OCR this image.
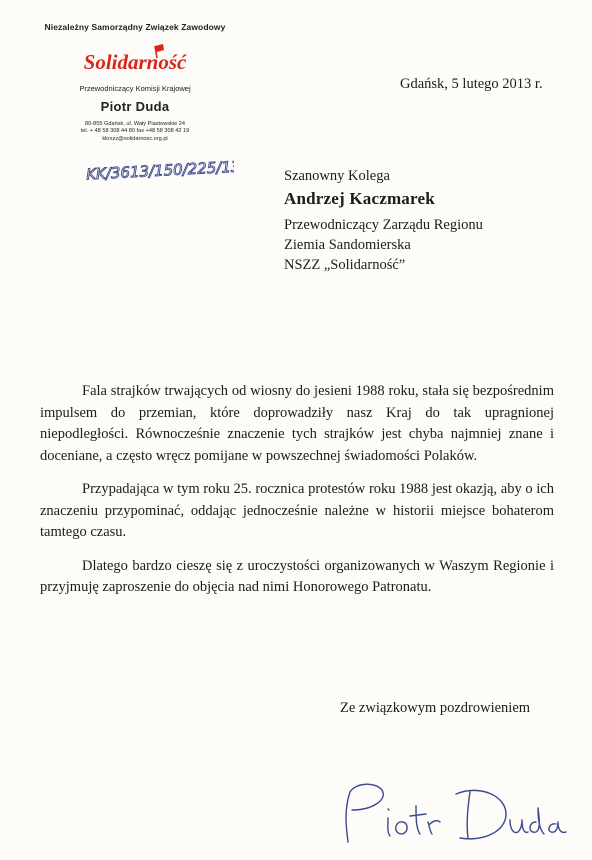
Niezależny Samorządny Związek Zawodowy
Solidarność
Przewodniczący Komisji Krajowej
Piotr Duda
80-855 Gdańsk, ul. Wały Piastowskie 24
tel. + 48 58 308 44 80 fax +48 58 308 42 19
kkrszz@solidarnosc.org.pl
KK/3613/150/225/13
Gdańsk, 5 lutego 2013 r.
Szanowny Kolega
Andrzej Kaczmarek
Przewodniczący Zarządu Regionu
Ziemia Sandomierska
NSZZ „Solidarność”

Fala strajków trwających od wiosny do jesieni 1988 roku, stała się bezpośrednim impulsem do przemian, które doprowadziły nasz Kraj do tak upragnionej niepodległości. Równocześnie znaczenie tych strajków jest chyba najmniej znane i doceniane, a często wręcz pomijane w powszechnej świadomości Polaków.

Przypadająca w tym roku 25. rocznica protestów roku 1988 jest okazją, aby o ich znaczeniu przypominać, oddając jednocześnie należne w historii miejsce bohaterom tamtego czasu.

Dlatego bardzo cieszę się z uroczystości organizowanych w Waszym Regionie i przyjmuję zaproszenie do objęcia nad nimi Honorowego Patronatu.

Ze związkowym pozdrowieniem
